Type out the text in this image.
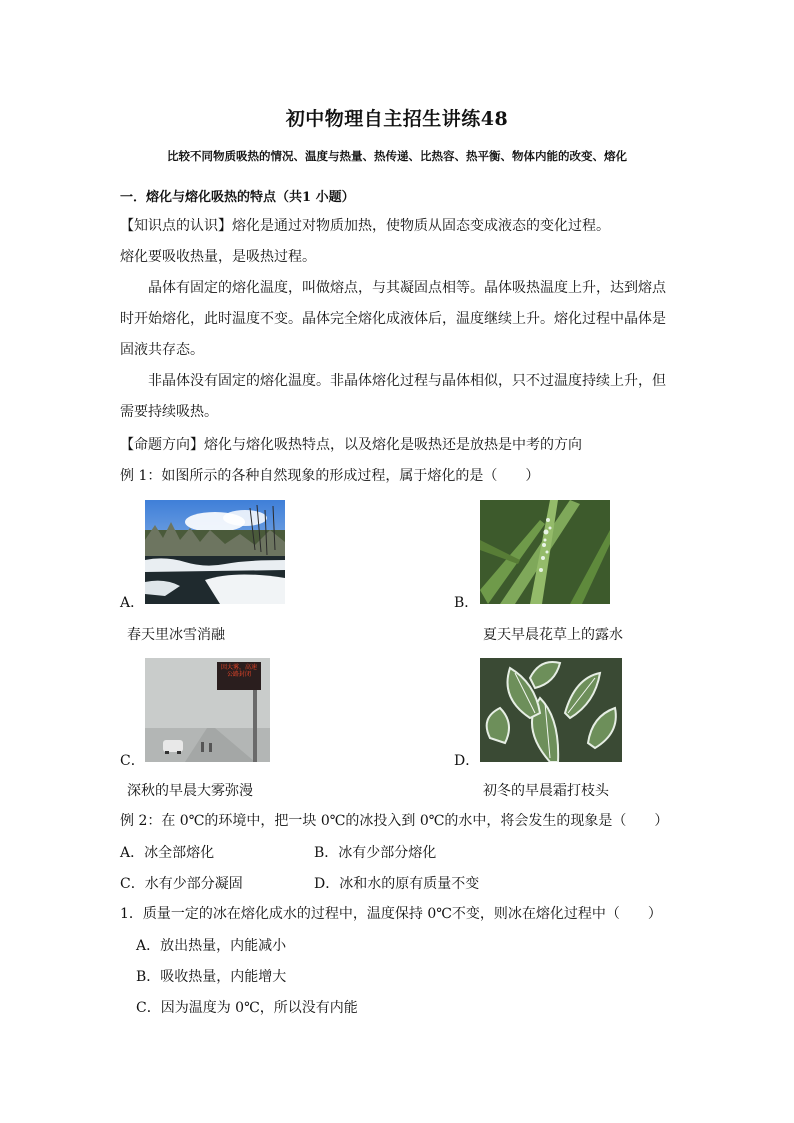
初中物理自主招生讲练48
比较不同物质吸热的情况、温度与热量、热传递、比热容、热平衡、物体内能的改变、熔化
一．熔化与熔化吸热的特点（共1 小题）
【知识点的认识】熔化是通过对物质加热，使物质从固态变成液态的变化过程。
熔化要吸收热量，是吸热过程。
晶体有固定的熔化温度，叫做熔点，与其凝固点相等。晶体吸热温度上升，达到熔点时开始熔化，此时温度不变。晶体完全熔化成液体后，温度继续上升。熔化过程中晶体是固液共存态。
非晶体没有固定的熔化温度。非晶体熔化过程与晶体相似，只不过温度持续上升，但需要持续吸热。
【命题方向】熔化与熔化吸热特点，以及熔化是吸热还是放热是中考的方向
例 1：如图所示的各种自然现象的形成过程，属于熔化的是（　　）
A．
春天里冰雪消融
B．
夏天早晨花草上的露水
C．
因大雾，高速公路封闭
深秋的早晨大雾弥漫
D．
初冬的早晨霜打枝头
例 2：在 0℃的环境中，把一块 0℃的冰投入到 0℃的水中，将会发生的现象是（　　）
A．冰全部熔化	B．冰有少部分熔化
C．水有少部分凝固	D．冰和水的原有质量不变
1．质量一定的冰在熔化成水的过程中，温度保持 0℃不变，则冰在熔化过程中（　　）
A．放出热量，内能减小
B．吸收热量，内能增大
C．因为温度为 0℃，所以没有内能
